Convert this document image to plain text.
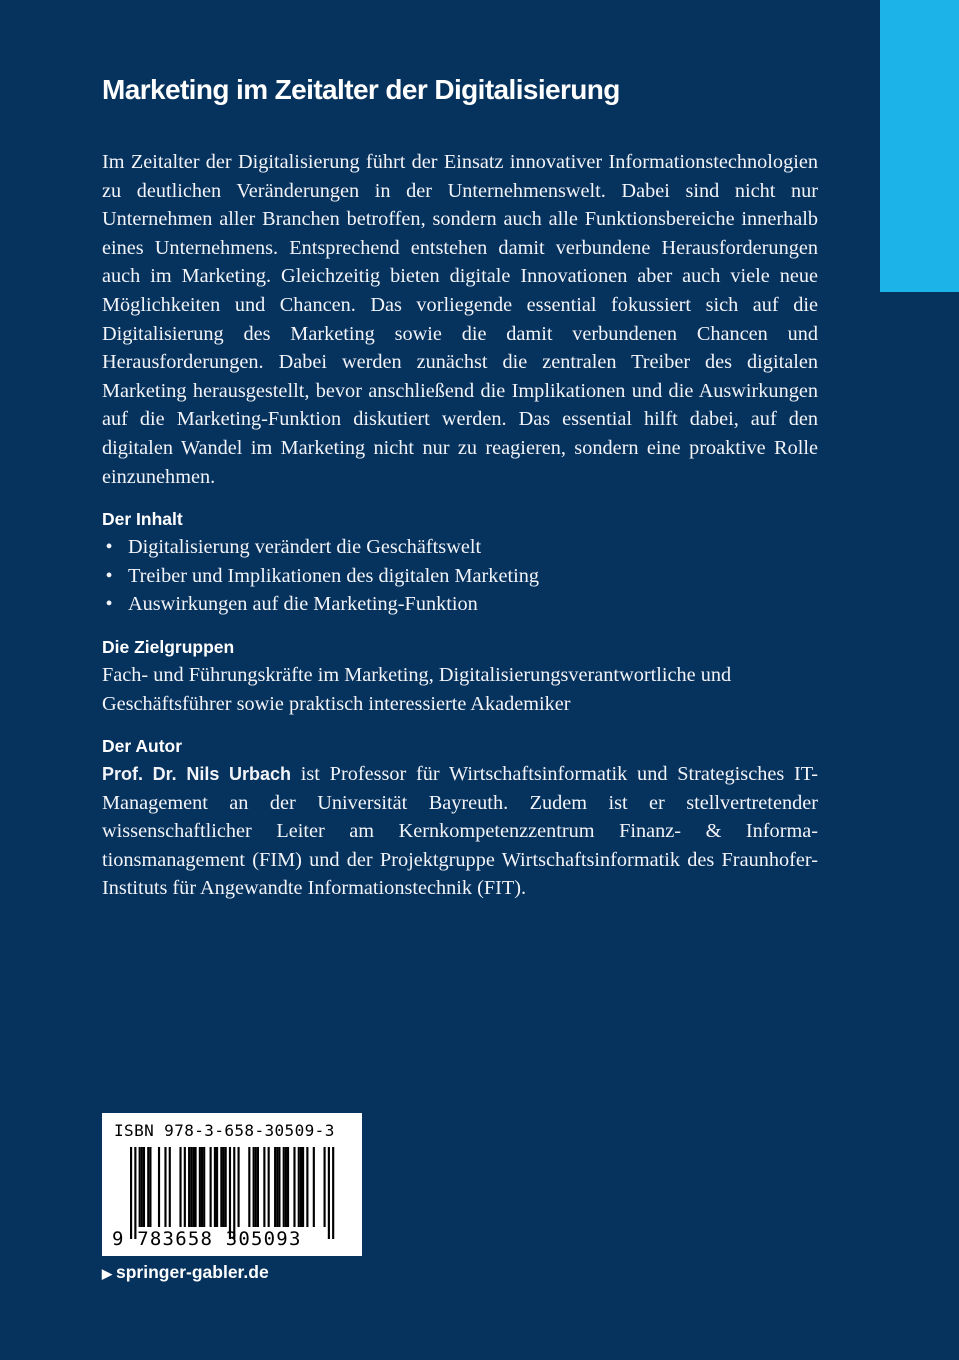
Marketing im Zeitalter der Digitalisierung

Im Zeitalter der Digitalisierung führt der Einsatz innovativer Informationstechnologien zu deutlichen Veränderungen in der Unternehmenswelt. Dabei sind nicht nur Unternehmen aller Branchen betroffen, sondern auch alle Funktionsbereiche innerhalb eines Unternehmens. Entsprechend entstehen damit verbundene Herausforderungen auch im Marketing. Gleichzeitig bieten digitale Innovationen aber auch viele neue Möglichkeiten und Chancen. Das vorliegende essential fokussiert sich auf die Digitalisierung des Marketing sowie die damit verbundenen Chancen und Herausforderungen. Dabei werden zunächst die zentralen Treiber des digitalen Marketing herausgestellt, bevor anschließend die Implikationen und die Auswirkungen auf die Marketing-Funktion diskutiert werden. Das essential hilft dabei, auf den digitalen Wandel im Marketing nicht nur zu reagieren, sondern eine proaktive Rolle einzunehmen.

Der Inhalt
• Digitalisierung verändert die Geschäftswelt
• Treiber und Implikationen des digitalen Marketing
• Auswirkungen auf die Marketing-Funktion
Die Zielgruppen

Fach- und Führungskräfte im Marketing, Digitalisierungsverantwortliche und Geschäftsführer sowie praktisch interessierte Akademiker

Der Autor

Prof. Dr. Nils Urbach ist Professor für Wirtschaftsinformatik und Strategisches IT-Management an der Universität Bayreuth. Zudem ist er stellvertretender wissenschaftlicher Leiter am Kernkompetenzzentrum Finanz- & Informationsmanagement (FIM) und der Projektgruppe Wirtschaftsinformatik des Fraunhofer-Instituts für Angewandte Informationstechnik (FIT).

ISBN 978-3-658-30509-3
9 783658 305093
▶ springer-gabler.de
